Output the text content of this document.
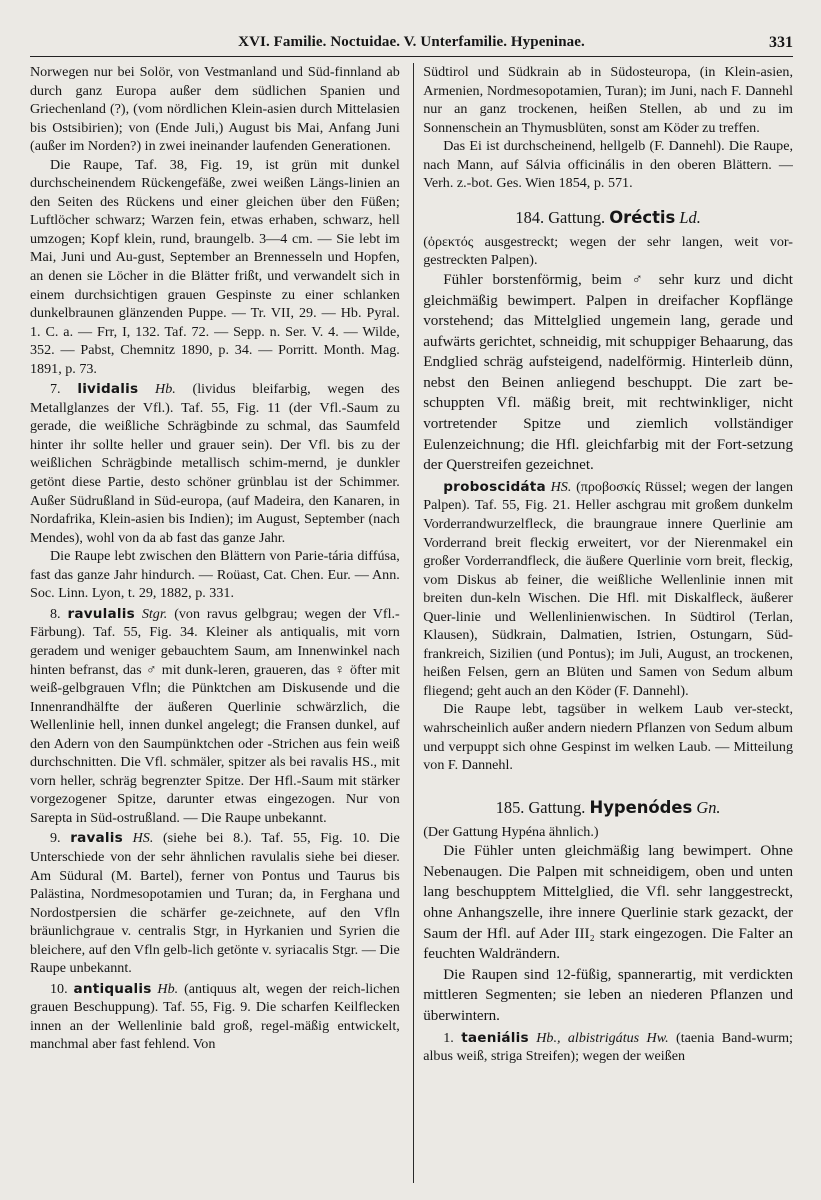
XVI. Familie. Noctuidae. V. Unterfamilie. Hypeninae.	331

Norwegen nur bei Solör, von Vestmanland und Süd-finnland ab durch ganz Europa außer dem südlichen Spanien und Griechenland (?), (vom nördlichen Klein-asien durch Mittelasien bis Ostsibirien); von (Ende Juli,) August bis Mai, Anfang Juni (außer im Norden?) in zwei ineinander laufenden Generationen.

Die Raupe, Taf. 38, Fig. 19, ist grün mit dunkel durchscheinendem Rückengefäße, zwei weißen Längs-linien an den Seiten des Rückens und einer gleichen über den Füßen; Luftlöcher schwarz; Warzen fein, etwas erhaben, schwarz, hell umzogen; Kopf klein, rund, braungelb. 3—4 cm. — Sie lebt im Mai, Juni und Au-gust, September an Brennesseln und Hopfen, an denen sie Löcher in die Blätter frißt, und verwandelt sich in einem durchsichtigen grauen Gespinste zu einer schlanken dunkelbraunen glänzenden Puppe. — Tr. VII, 29. — Hb. Pyral. 1. C. a. — Frr, I, 132. Taf. 72. — Sepp. n. Ser. V. 4. — Wilde, 352. — Pabst, Chemnitz 1890, p. 34. — Porritt. Month. Mag. 1891, p. 73.

7. lividalis Hb. (lividus bleifarbig, wegen des Metallglanzes der Vfl.). Taf. 55, Fig. 11 (der Vfl.-Saum zu gerade, die weißliche Schrägbinde zu schmal, das Saumfeld hinter ihr sollte heller und grauer sein). Der Vfl. bis zu der weißlichen Schrägbinde metallisch schim-mernd, je dunkler getönt diese Partie, desto schöner grünblau ist der Schimmer. Außer Südrußland in Süd-europa, (auf Madeira, den Kanaren, in Nordafrika, Klein-asien bis Indien); im August, September (nach Mendes), wohl von da ab fast das ganze Jahr.

Die Raupe lebt zwischen den Blättern von Parie-tária diffúsa, fast das ganze Jahr hindurch. — Roüast, Cat. Chen. Eur. — Ann. Soc. Linn. Lyon, t. 29, 1882, p. 331.

8. ravulalis Stgr. (von ravus gelbgrau; wegen der Vfl.-Färbung). Taf. 55, Fig. 34. Kleiner als antiqualis, mit vorn geradem und weniger gebauchtem Saum, am Innenwinkel nach hinten befranst, das ♂ mit dunk-leren, graueren, das ♀ öfter mit weiß-gelbgrauen Vfln; die Pünktchen am Diskusende und die Innenrandhälfte der äußeren Querlinie schwärzlich, die Wellenlinie hell, innen dunkel angelegt; die Fransen dunkel, auf den Adern von den Saumpünktchen oder -Strichen aus fein weiß durchschnitten. Die Vfl. schmäler, spitzer als bei ravalis HS., mit vorn heller, schräg begrenzter Spitze. Der Hfl.-Saum mit stärker vorgezogener Spitze, darunter etwas eingezogen. Nur von Sarepta in Süd-ostrußland. — Die Raupe unbekannt.

9. ravalis HS. (siehe bei 8.). Taf. 55, Fig. 10. Die Unterschiede von der sehr ähnlichen ravulalis siehe bei dieser. Am Südural (M. Bartel), ferner von Pontus und Taurus bis Palästina, Nordmesopotamien und Turan; da, in Ferghana und Nordostpersien die schärfer ge-zeichnete, auf den Vfln bräunlichgraue v. centralis Stgr, in Hyrkanien und Syrien die bleichere, auf den Vfln gelb-lich getönte v. syriacalis Stgr. — Die Raupe unbekannt.

10. antiqualis Hb. (antiquus alt, wegen der reich-lichen grauen Beschuppung). Taf. 55, Fig. 9. Die scharfen Keilflecken innen an der Wellenlinie bald groß, regel-mäßig entwickelt, manchmal aber fast fehlend. Von

Südtirol und Südkrain ab in Südosteuropa, (in Klein-asien, Armenien, Nordmesopotamien, Turan); im Juni, nach F. Dannehl nur an ganz trockenen, heißen Stellen, ab und zu im Sonnenschein an Thymusblüten, sonst am Köder zu treffen.

Das Ei ist durchscheinend, hellgelb (F. Dannehl). Die Raupe, nach Mann, auf Sálvia officinális in den oberen Blättern. — Verh. z.-bot. Ges. Wien 1854, p. 571.

184. Gattung. Oréctis Ld.

(ὀρεκτός ausgestreckt; wegen der sehr langen, weit vor-gestreckten Palpen).

Fühler borstenförmig, beim ♂ sehr kurz und dicht gleichmäßig bewimpert. Palpen in dreifacher Kopflänge vorstehend; das Mittelglied ungemein lang, gerade und aufwärts gerichtet, schneidig, mit schuppiger Behaarung, das Endglied schräg aufsteigend, nadelförmig. Hinterleib dünn, nebst den Beinen anliegend beschuppt. Die zart be-schuppten Vfl. mäßig breit, mit rechtwinkliger, nicht vortretender Spitze und ziemlich vollständiger Eulenzeichnung; die Hfl. gleichfarbig mit der Fort-setzung der Querstreifen gezeichnet.

proboscidáta HS. (προβοσκίς Rüssel; wegen der langen Palpen). Taf. 55, Fig. 21. Heller aschgrau mit großem dunkelm Vorderrandwurzelfleck, die braungraue innere Querlinie am Vorderrand breit fleckig erweitert, vor der Nierenmakel ein großer Vorderrandfleck, die äußere Querlinie vorn breit, fleckig, vom Diskus ab feiner, die weißliche Wellenlinie innen mit breiten dun-keln Wischen. Die Hfl. mit Diskalfleck, äußerer Quer-linie und Wellenlinienwischen. In Südtirol (Terlan, Klausen), Südkrain, Dalmatien, Istrien, Ostungarn, Süd-frankreich, Sizilien (und Pontus); im Juli, August, an trockenen, heißen Felsen, gern an Blüten und Samen von Sedum album fliegend; geht auch an den Köder (F. Dannehl).

Die Raupe lebt, tagsüber in welkem Laub ver-steckt, wahrscheinlich außer andern niedern Pflanzen von Sedum album und verpuppt sich ohne Gespinst im welken Laub. — Mitteilung von F. Dannehl.

185. Gattung. Hypenódes Gn.

(Der Gattung Hypéna ähnlich.)

Die Fühler unten gleichmäßig lang bewimpert. Ohne Nebenaugen. Die Palpen mit schneidigem, oben und unten lang beschupptem Mittelglied, die Vfl. sehr langgestreckt, ohne Anhangszelle, ihre innere Querlinie stark gezackt, der Saum der Hfl. auf Ader III₂ stark eingezogen. Die Falter an feuchten Waldrändern.

Die Raupen sind 12-füßig, spannerartig, mit verdickten mittleren Segmenten; sie leben an niederen Pflanzen und überwintern.

1. taeniális Hb., albistrigátus Hw. (taenia Band-wurm; albus weiß, striga Streifen); wegen der weißen
